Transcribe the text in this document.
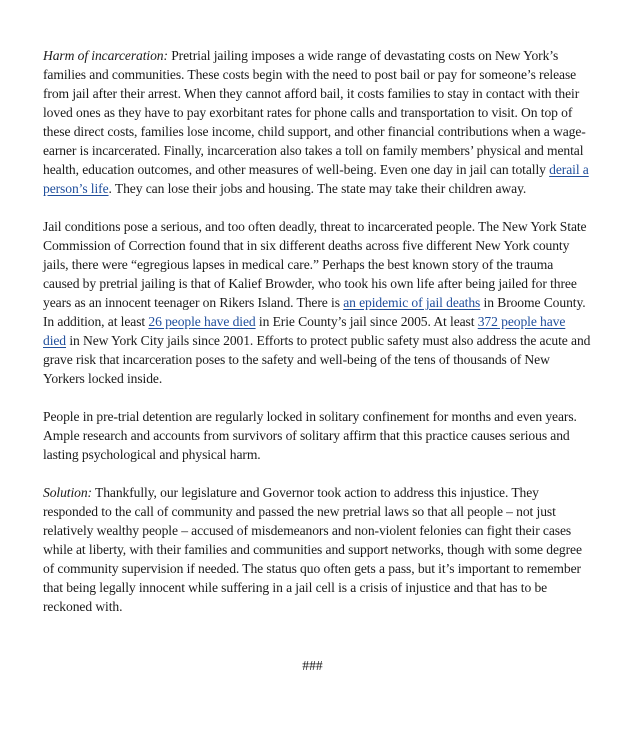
Harm of incarceration: Pretrial jailing imposes a wide range of devastating costs on New York’s families and communities. These costs begin with the need to post bail or pay for someone’s release from jail after their arrest. When they cannot afford bail, it costs families to stay in contact with their loved ones as they have to pay exorbitant rates for phone calls and transportation to visit. On top of these direct costs, families lose income, child support, and other financial contributions when a wage-earner is incarcerated. Finally, incarceration also takes a toll on family members’ physical and mental health, education outcomes, and other measures of well-being. Even one day in jail can totally derail a person’s life. They can lose their jobs and housing. The state may take their children away.

Jail conditions pose a serious, and too often deadly, threat to incarcerated people. The New York State Commission of Correction found that in six different deaths across five different New York county jails, there were “egregious lapses in medical care.” Perhaps the best known story of the trauma caused by pretrial jailing is that of Kalief Browder, who took his own life after being jailed for three years as an innocent teenager on Rikers Island. There is an epidemic of jail deaths in Broome County. In addition, at least 26 people have died in Erie County’s jail since 2005. At least 372 people have died in New York City jails since 2001. Efforts to protect public safety must also address the acute and grave risk that incarceration poses to the safety and well-being of the tens of thousands of New Yorkers locked inside.

People in pre-trial detention are regularly locked in solitary confinement for months and even years. Ample research and accounts from survivors of solitary affirm that this practice causes serious and lasting psychological and physical harm.

Solution: Thankfully, our legislature and Governor took action to address this injustice. They responded to the call of community and passed the new pretrial laws so that all people – not just relatively wealthy people – accused of misdemeanors and non-violent felonies can fight their cases while at liberty, with their families and communities and support networks, though with some degree of community supervision if needed. The status quo often gets a pass, but it’s important to remember that being legally innocent while suffering in a jail cell is a crisis of injustice and that has to be reckoned with.

###
